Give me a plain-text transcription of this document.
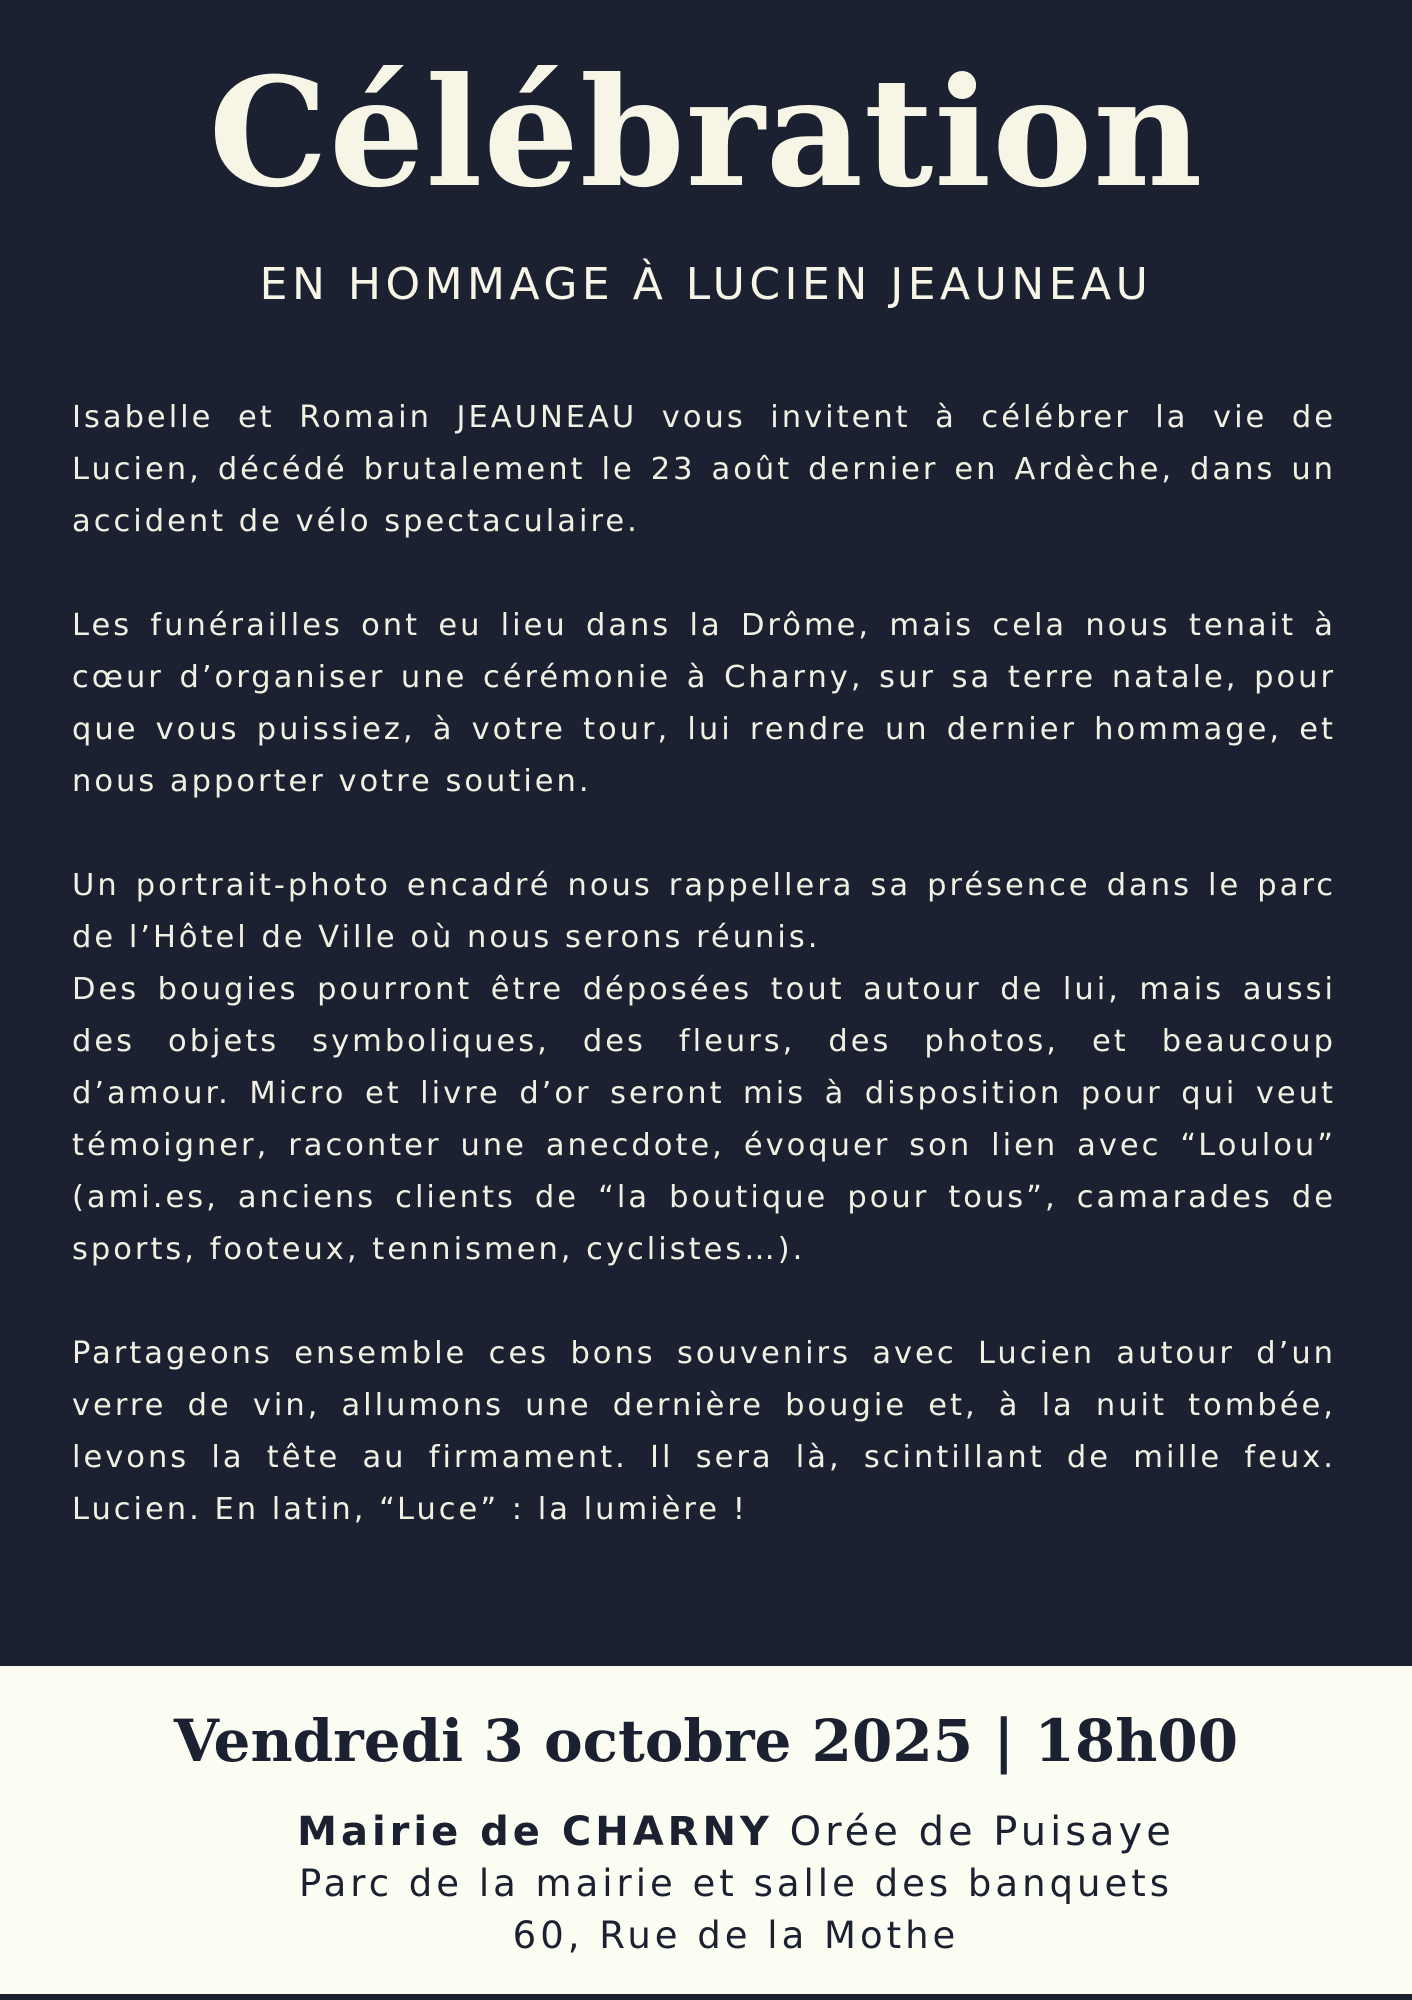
Célébration
EN HOMMAGE À LUCIEN JEAUNEAU

Isabelle et Romain JEAUNEAU vous invitent à célébrer la vie de Lucien, décédé brutalement le 23 août dernier en Ardèche, dans un accident de vélo spectaculaire.

Les funérailles ont eu lieu dans la Drôme, mais cela nous tenait à cœur d’organiser une cérémonie à Charny, sur sa terre natale, pour que vous puissiez, à votre tour, lui rendre un dernier hommage, et nous apporter votre soutien.

Un portrait-photo encadré nous rappellera sa présence dans le parc de l’Hôtel de Ville où nous serons réunis.

Des bougies pourront être déposées tout autour de lui, mais aussi des objets symboliques, des fleurs, des photos, et beaucoup d’amour. Micro et livre d’or seront mis à disposition pour qui veut témoigner, raconter une anecdote, évoquer son lien avec “Loulou” (ami.es, anciens clients de “la boutique pour tous”, camarades de sports, footeux, tennismen, cyclistes…).

Partageons ensemble ces bons souvenirs avec Lucien autour d’un verre de vin, allumons une dernière bougie et, à la nuit tombée, levons la tête au firmament. Il sera là, scintillant de mille feux. Lucien. En latin, “Luce” : la lumière !

Vendredi 3 octobre 2025 | 18h00
Mairie de CHARNY Orée de Puisaye
Parc de la mairie et salle des banquets
60, Rue de la Mothe
